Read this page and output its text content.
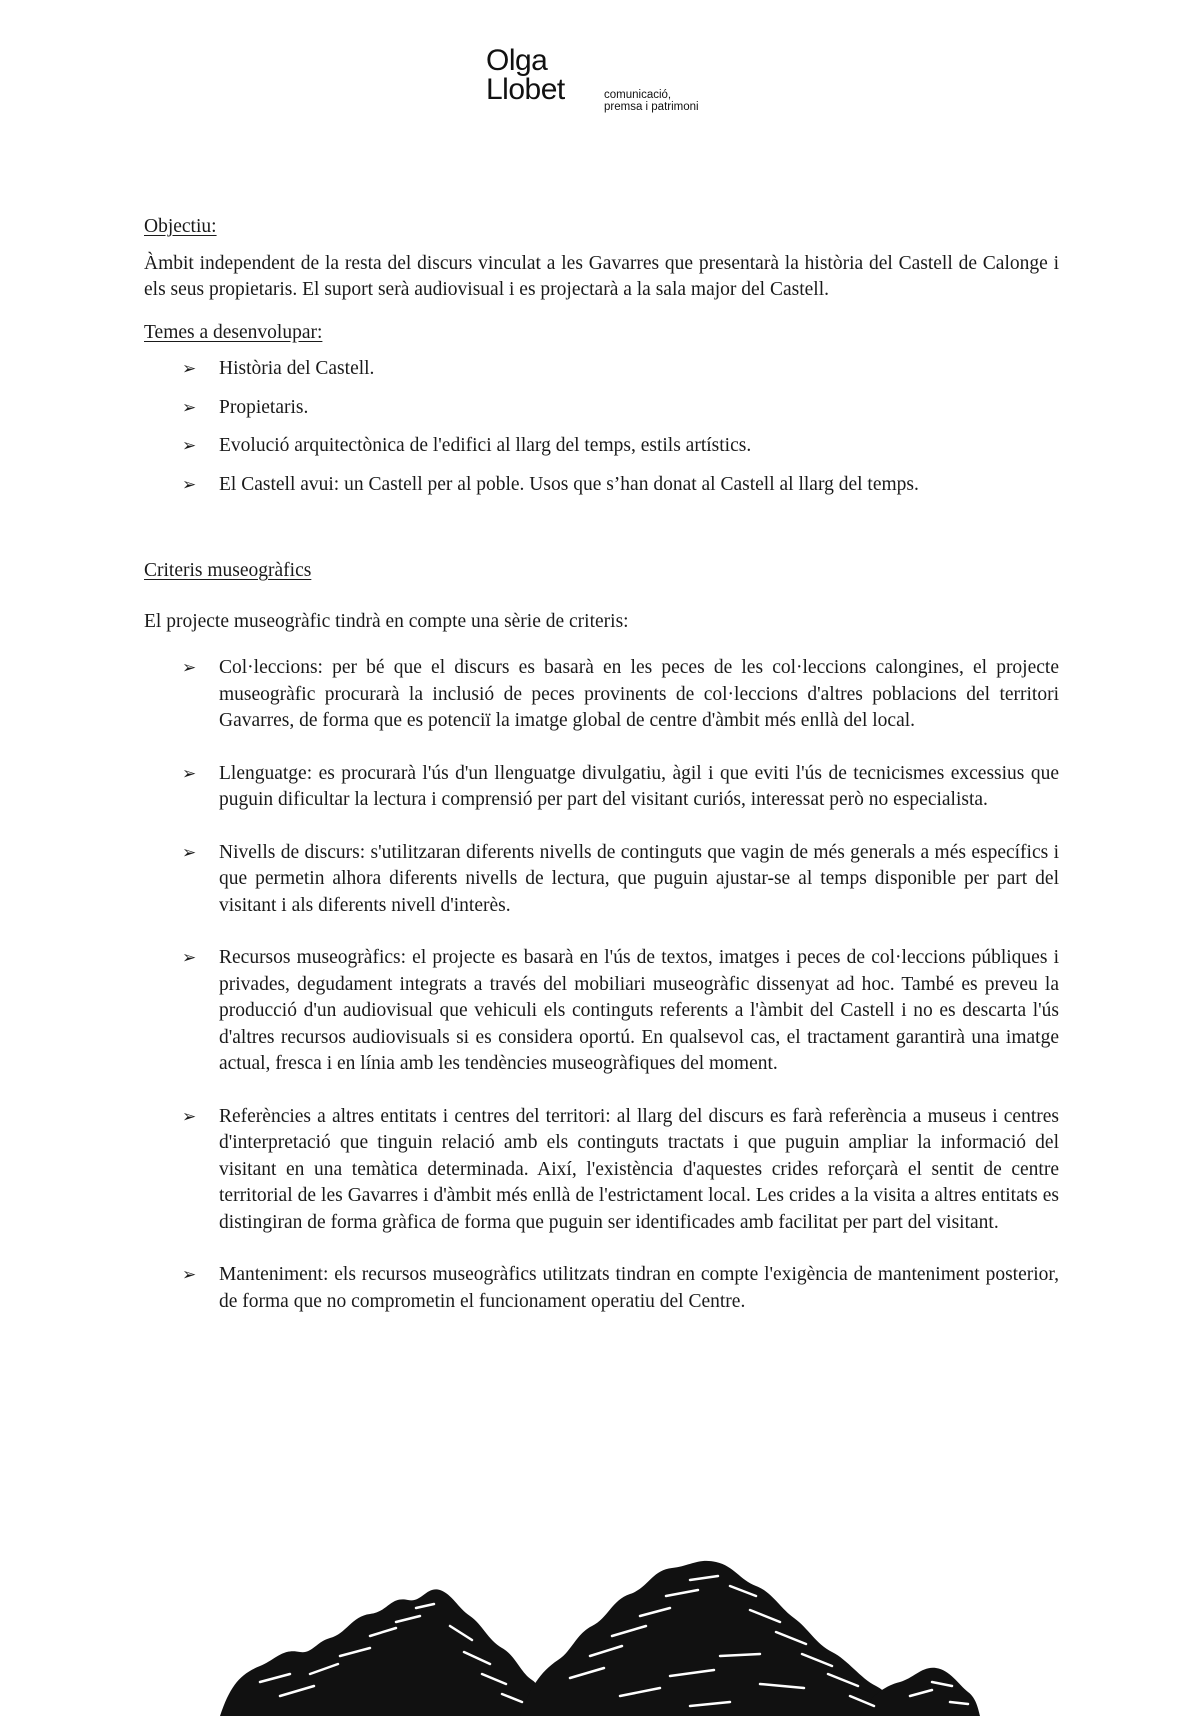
Olga
Llobet	comunicació,
premsa i patrimoni
Objectiu:

Àmbit independent de la resta del discurs vinculat a les Gavarres que presentarà la història del Castell de Calonge i els seus propietaris. El suport serà audiovisual i es projectarà a la sala major del Castell.

Temes a desenvolupar:
➢ Història del Castell.
➢ Propietaris.
➢ Evolució arquitectònica de l'edifici al llarg del temps, estils artístics.
➢ El Castell avui: un Castell per al poble. Usos que s’han donat al Castell al llarg del temps.
Criteris museogràfics

El projecte museogràfic tindrà en compte una sèrie de criteris:

➢ Col·leccions: per bé que el discurs es basarà en les peces de les col·leccions calongines, el projecte museogràfic procurarà la inclusió de peces provinents de col·leccions d'altres poblacions del territori Gavarres, de forma que es potenciï la imatge global de centre d'àmbit més enllà del local.
➢ Llenguatge: es procurarà l'ús d'un llenguatge divulgatiu, àgil i que eviti l'ús de tecnicismes excessius que puguin dificultar la lectura i comprensió per part del visitant curiós, interessat però no especialista.
➢ Nivells de discurs: s'utilitzaran diferents nivells de continguts que vagin de més generals a més específics i que permetin alhora diferents nivells de lectura, que puguin ajustar-se al temps disponible per part del visitant i als diferents nivell d'interès.
➢ Recursos museogràfics: el projecte es basarà en l'ús de textos, imatges i peces de col·leccions públiques i privades, degudament integrats a través del mobiliari museogràfic dissenyat ad hoc. També es preveu la producció d'un audiovisual que vehiculi els continguts referents a l'àmbit del Castell i no es descarta l'ús d'altres recursos audiovisuals si es considera oportú. En qualsevol cas, el tractament garantirà una imatge actual, fresca i en línia amb les tendències museogràfiques del moment.
➢ Referències a altres entitats i centres del territori: al llarg del discurs es farà referència a museus i centres d'interpretació que tinguin relació amb els continguts tractats i que puguin ampliar la informació del visitant en una temàtica determinada. Així, l'existència d'aquestes crides reforçarà el sentit de centre territorial de les Gavarres i d'àmbit més enllà de l'estrictament local. Les crides a la visita a altres entitats es distingiran de forma gràfica de forma que puguin ser identificades amb facilitat per part del visitant.
➢ Manteniment: els recursos museogràfics utilitzats tindran en compte l'exigència de manteniment posterior, de forma que no comprometin el funcionament operatiu del Centre.
